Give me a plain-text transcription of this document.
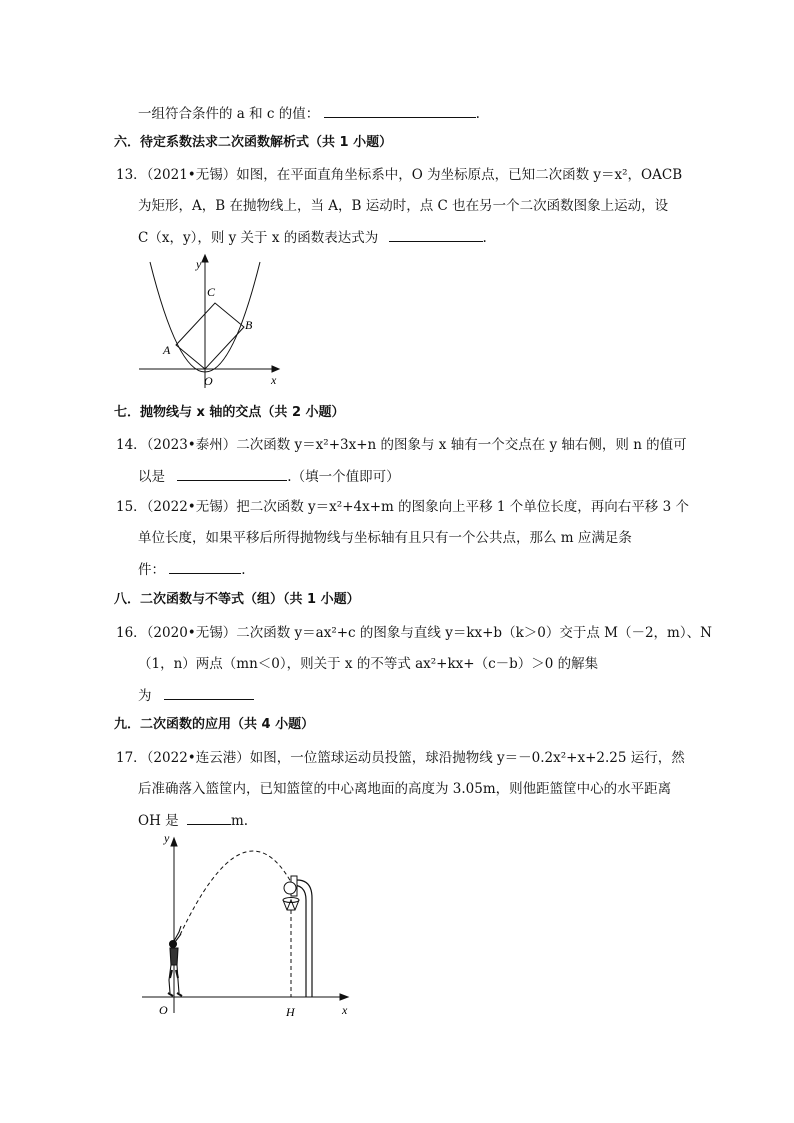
一组符合条件的 a 和 c 的值：	.
六．待定系数法求二次函数解析式（共 1 小题）
13．（2021•无锡）如图，在平面直角坐标系中，O 为坐标原点，已知二次函数 y＝x²，OACB
为矩形，A，B 在抛物线上，当 A，B 运动时，点 C 也在另一个二次函数图象上运动，设
C（x，y），则 y 关于 x 的函数表达式为	.
y
x
O
A
B
C
七．抛物线与 x 轴的交点（共 2 小题）
14．（2023•泰州）二次函数 y＝x²+3x+n 的图象与 x 轴有一个交点在 y 轴右侧，则 n 的值可
以是	.（填一个值即可）
15．（2022•无锡）把二次函数 y＝x²+4x+m 的图象向上平移 1 个单位长度，再向右平移 3 个
单位长度，如果平移后所得抛物线与坐标轴有且只有一个公共点，那么 m 应满足条
件：	.
八．二次函数与不等式（组）（共 1 小题）
16．（2020•无锡）二次函数 y＝ax²+c 的图象与直线 y＝kx+b（k＞0）交于点 M（－2，m）、N
（1，n）两点（mn＜0），则关于 x 的不等式 ax²+kx+（c－b）＞0 的解集
为
九．二次函数的应用（共 4 小题）
17．（2022•连云港）如图，一位篮球运动员投篮，球沿抛物线 y＝－0.2x²+x+2.25 运行，然
后准确落入篮筐内，已知篮筐的中心离地面的高度为 3.05m，则他距篮筐中心的水平距离
OH 是	m.
y
x
O	H
